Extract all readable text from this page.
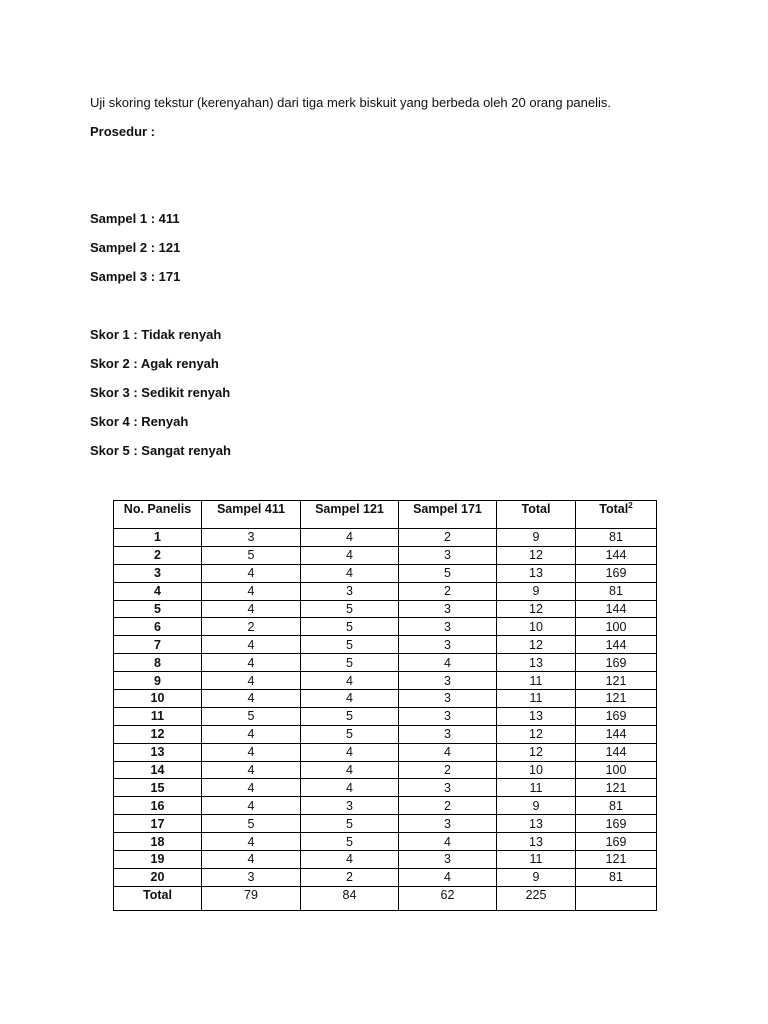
Uji skoring tekstur (kerenyahan) dari tiga merk biskuit yang berbeda oleh 20 orang panelis.

Prosedur :

Sampel 1 : 411

Sampel 2 : 121

Sampel 3 : 171

Skor 1 : Tidak renyah

Skor 2 : Agak renyah

Skor 3 : Sedikit renyah

Skor 4 : Renyah

Skor 5 : Sangat renyah

No. Panelis	Sampel 411	Sampel 121	Sampel 171	Total	Total$^2$
1	3	4	2	9	81
2	5	4	3	12	144
3	4	4	5	13	169
4	4	3	2	9	81
5	4	5	3	12	144
6	2	5	3	10	100
7	4	5	3	12	144
8	4	5	4	13	169
9	4	4	3	11	121
10	4	4	3	11	121
11	5	5	3	13	169
12	4	5	3	12	144
13	4	4	4	12	144
14	4	4	2	10	100
15	4	4	3	11	121
16	4	3	2	9	81
17	5	5	3	13	169
18	4	5	4	13	169
19	4	4	3	11	121
20	3	2	4	9	81
Total	79	84	62	225	
